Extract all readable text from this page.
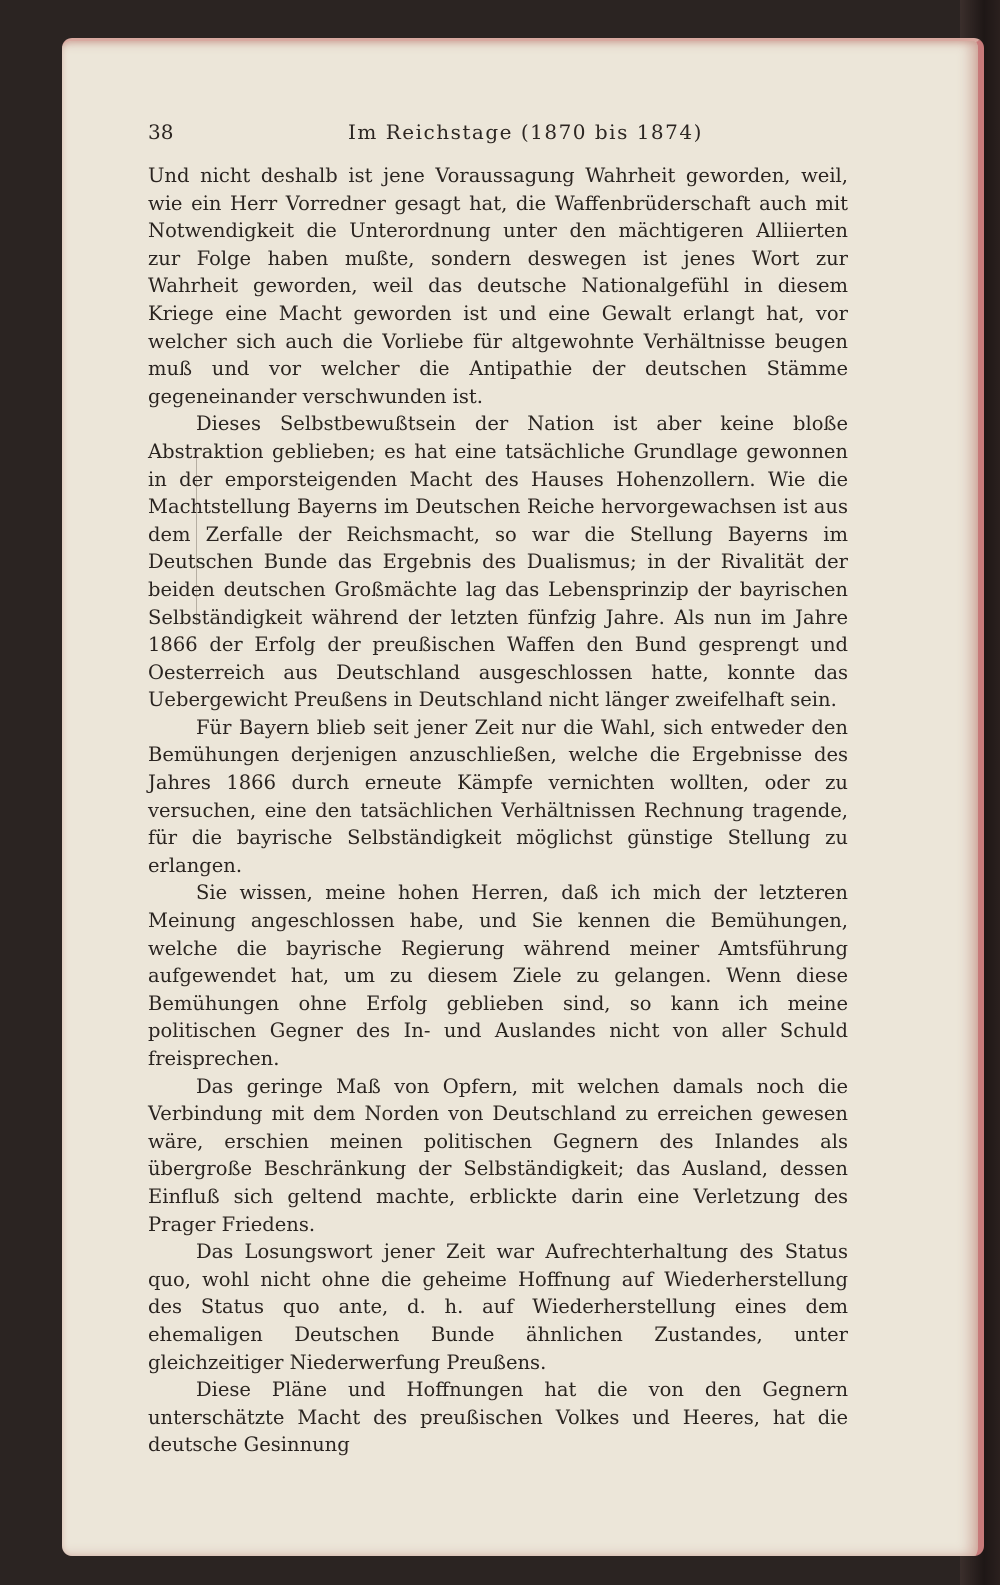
38	Im Reichstage (1870 bis 1874)

Und nicht deshalb ist jene Voraussagung Wahrheit geworden, weil, wie ein Herr Vorredner gesagt hat, die Waffenbrüderschaft auch mit Notwendigkeit die Unterordnung unter den mächtigeren Alliierten zur Folge haben mußte, sondern deswegen ist jenes Wort zur Wahrheit geworden, weil das deutsche Nationalgefühl in diesem Kriege eine Macht geworden ist und eine Gewalt erlangt hat, vor welcher sich auch die Vorliebe für altgewohnte Verhältnisse beugen muß und vor welcher die Antipathie der deutschen Stämme gegeneinander verschwunden ist.

Dieses Selbstbewußtsein der Nation ist aber keine bloße Abstraktion geblieben; es hat eine tatsächliche Grundlage gewonnen in der emporsteigenden Macht des Hauses Hohenzollern. Wie die Machtstellung Bayerns im Deutschen Reiche hervorgewachsen ist aus dem Zerfalle der Reichsmacht, so war die Stellung Bayerns im Deutschen Bunde das Ergebnis des Dualismus; in der Rivalität der beiden deutschen Großmächte lag das Lebensprinzip der bayrischen Selbständigkeit während der letzten fünfzig Jahre. Als nun im Jahre 1866 der Erfolg der preußischen Waffen den Bund gesprengt und Oesterreich aus Deutschland ausgeschlossen hatte, konnte das Uebergewicht Preußens in Deutschland nicht länger zweifelhaft sein.

Für Bayern blieb seit jener Zeit nur die Wahl, sich entweder den Bemühungen derjenigen anzuschließen, welche die Ergebnisse des Jahres 1866 durch erneute Kämpfe vernichten wollten, oder zu versuchen, eine den tatsächlichen Verhältnissen Rechnung tragende, für die bayrische Selbständigkeit möglichst günstige Stellung zu erlangen.

Sie wissen, meine hohen Herren, daß ich mich der letzteren Meinung angeschlossen habe, und Sie kennen die Bemühungen, welche die bayrische Regierung während meiner Amtsführung aufgewendet hat, um zu diesem Ziele zu gelangen. Wenn diese Bemühungen ohne Erfolg geblieben sind, so kann ich meine politischen Gegner des In- und Auslandes nicht von aller Schuld freisprechen.

Das geringe Maß von Opfern, mit welchen damals noch die Verbindung mit dem Norden von Deutschland zu erreichen gewesen wäre, erschien meinen politischen Gegnern des Inlandes als übergroße Beschränkung der Selbständigkeit; das Ausland, dessen Einfluß sich geltend machte, erblickte darin eine Verletzung des Prager Friedens.

Das Losungswort jener Zeit war Aufrechterhaltung des Status quo, wohl nicht ohne die geheime Hoffnung auf Wiederherstellung des Status quo ante, d. h. auf Wiederherstellung eines dem ehemaligen Deutschen Bunde ähnlichen Zustandes, unter gleichzeitiger Niederwerfung Preußens.

Diese Pläne und Hoffnungen hat die von den Gegnern unterschätzte Macht des preußischen Volkes und Heeres, hat die deutsche Gesinnung
